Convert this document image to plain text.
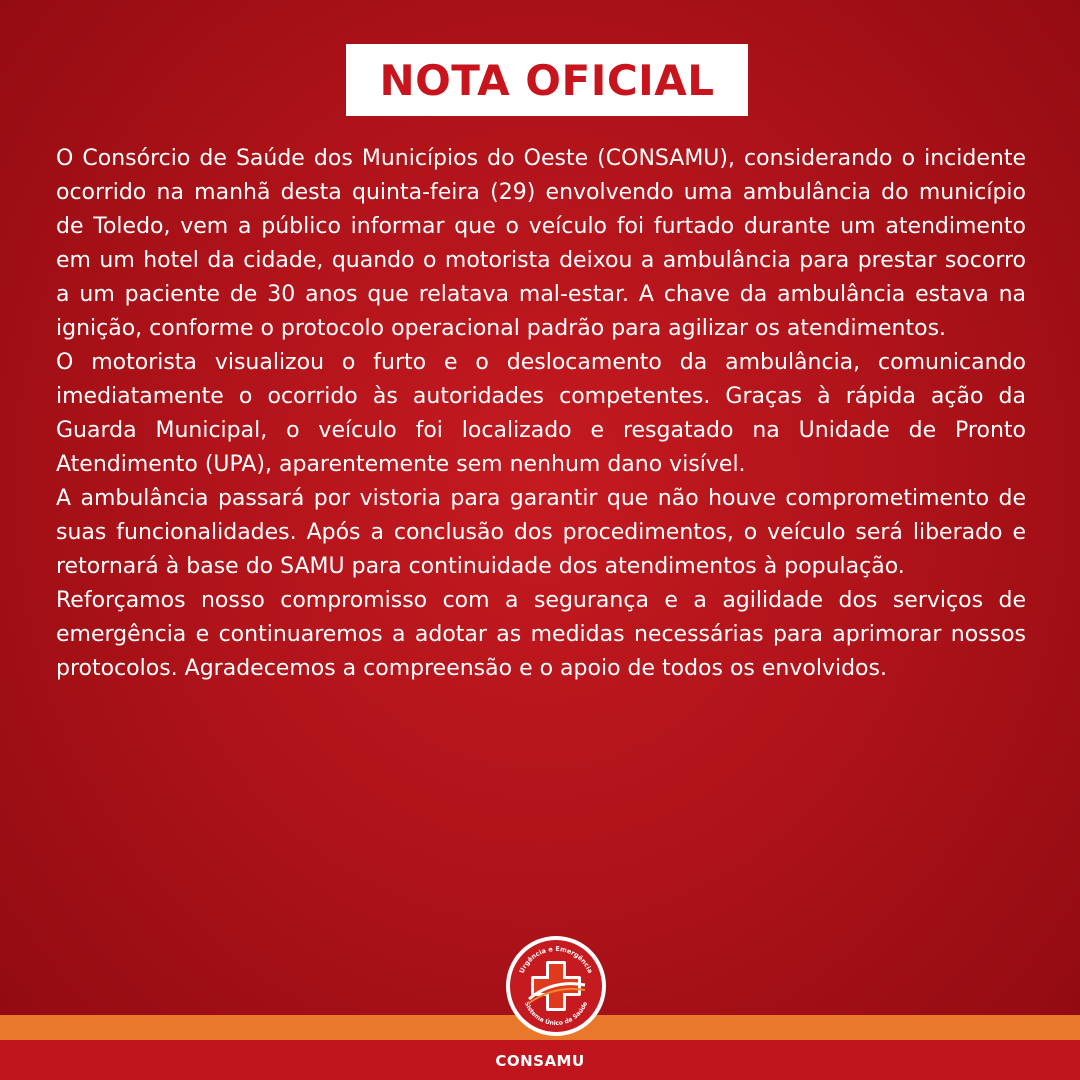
NOTA OFICIAL

O Consórcio de Saúde dos Municípios do Oeste (CONSAMU), considerando o incidente ocorrido na manhã desta quinta-feira (29) envolvendo uma ambulância do município de Toledo, vem a público informar que o veículo foi furtado durante um atendimento em um hotel da cidade, quando o motorista deixou a ambulância para prestar socorro a um paciente de 30 anos que relatava mal-estar. A chave da ambulância estava na ignição, conforme o protocolo operacional padrão para agilizar os atendimentos.

O motorista visualizou o furto e o deslocamento da ambulância, comunicando imediatamente o ocorrido às autoridades competentes. Graças à rápida ação da Guarda Municipal, o veículo foi localizado e resgatado na Unidade de Pronto Atendimento (UPA), aparentemente sem nenhum dano visível.

A ambulância passará por vistoria para garantir que não houve comprometimento de suas funcionalidades. Após a conclusão dos procedimentos, o veículo será liberado e retornará à base do SAMU para continuidade dos atendimentos à população.

Reforçamos nosso compromisso com a segurança e a agilidade dos serviços de emergência e continuaremos a adotar as medidas necessárias para aprimorar nossos protocolos. Agradecemos a compreensão e o apoio de todos os envolvidos.

CONSAMU
Urgência e Emergência
Sistema Único de Saúde
